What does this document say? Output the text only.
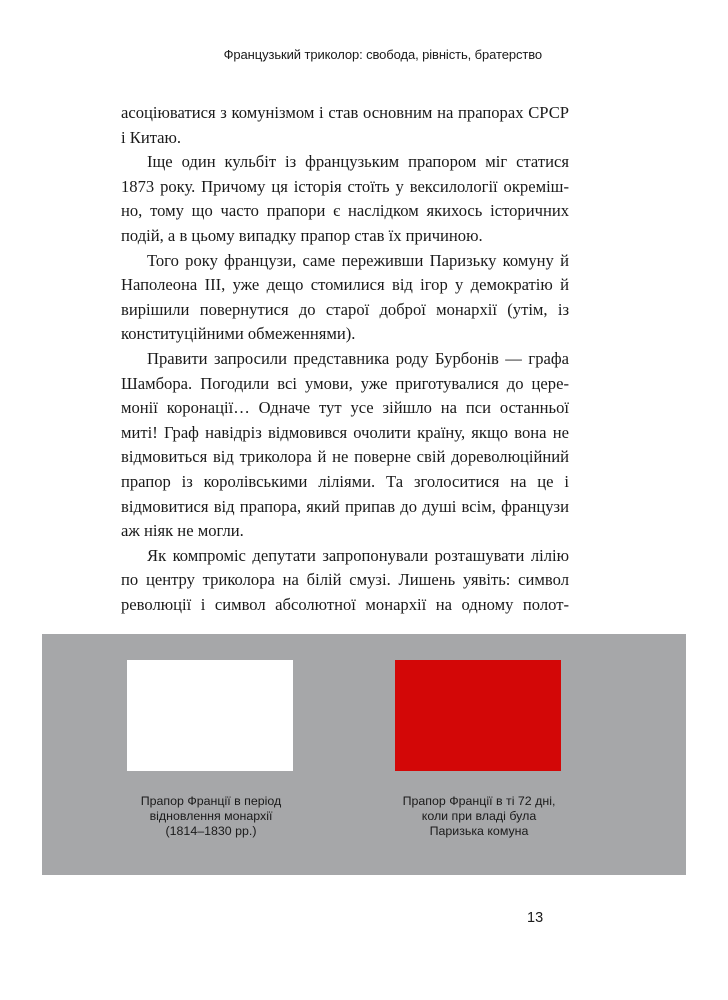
Французький триколор: свобода, рівність, братерство

асоціюватися з комунізмом і став основним на прапорах СРСР і Китаю.

Іще один кульбіт із французьким прапором міг статися 1873 року. Причому ця історія стоїть у вексилології окремішно, тому що часто прапори є наслідком якихось історичних подій, а в цьому випадку прапор став їх причиною.

Того року французи, саме переживши Паризьку комуну й Наполеона III, уже дещо стомилися від ігор у демократію й вирішили повернутися до старої доброї монархії (утім, із конституційними обмеженнями).

Правити запросили представника роду Бурбонів — графа Шамбора. Погодили всі умови, уже приготувалися до церемонії коронації… Одначе тут усе зійшло на пси останньої миті! Граф навідріз відмовився очолити країну, якщо вона не відмовиться від триколора й не поверне свій дореволюційний прапор із королівськими ліліями. Та зголоситися на це і відмовитися від прапора, який припав до душі всім, французи аж ніяк не могли.

Як компроміс депутати запропонували розташувати лілію по центру триколора на білій смузі. Лишень уявіть: символ революції і символ абсолютної монархії на одному полот-

Прапор Франції в період
відновлення монархії
(1814–1830 рр.)
Прапор Франції в ті 72 дні,
коли при владі була
Паризька комуна
13
